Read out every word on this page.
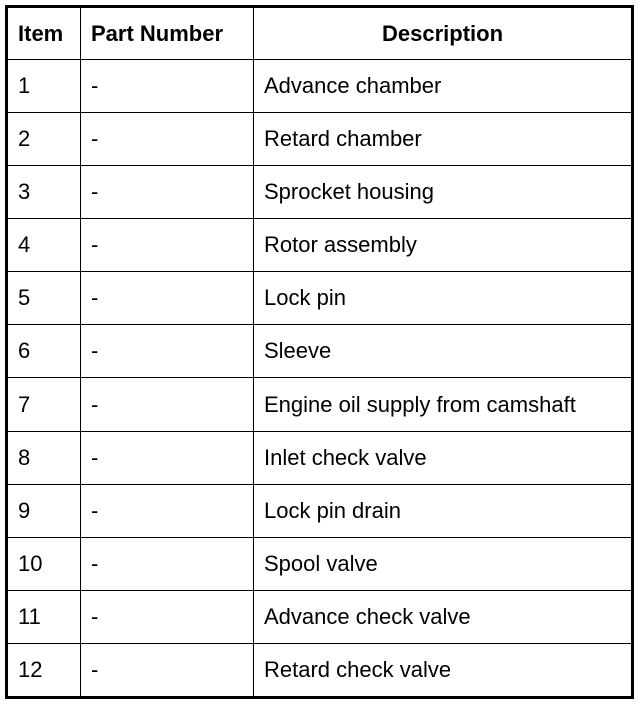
Item	Part Number	Description
1	-	Advance chamber
2	-	Retard chamber
3	-	Sprocket housing
4	-	Rotor assembly
5	-	Lock pin
6	-	Sleeve
7	-	Engine oil supply from camshaft
8	-	Inlet check valve
9	-	Lock pin drain
10	-	Spool valve
11	-	Advance check valve
12	-	Retard check valve
